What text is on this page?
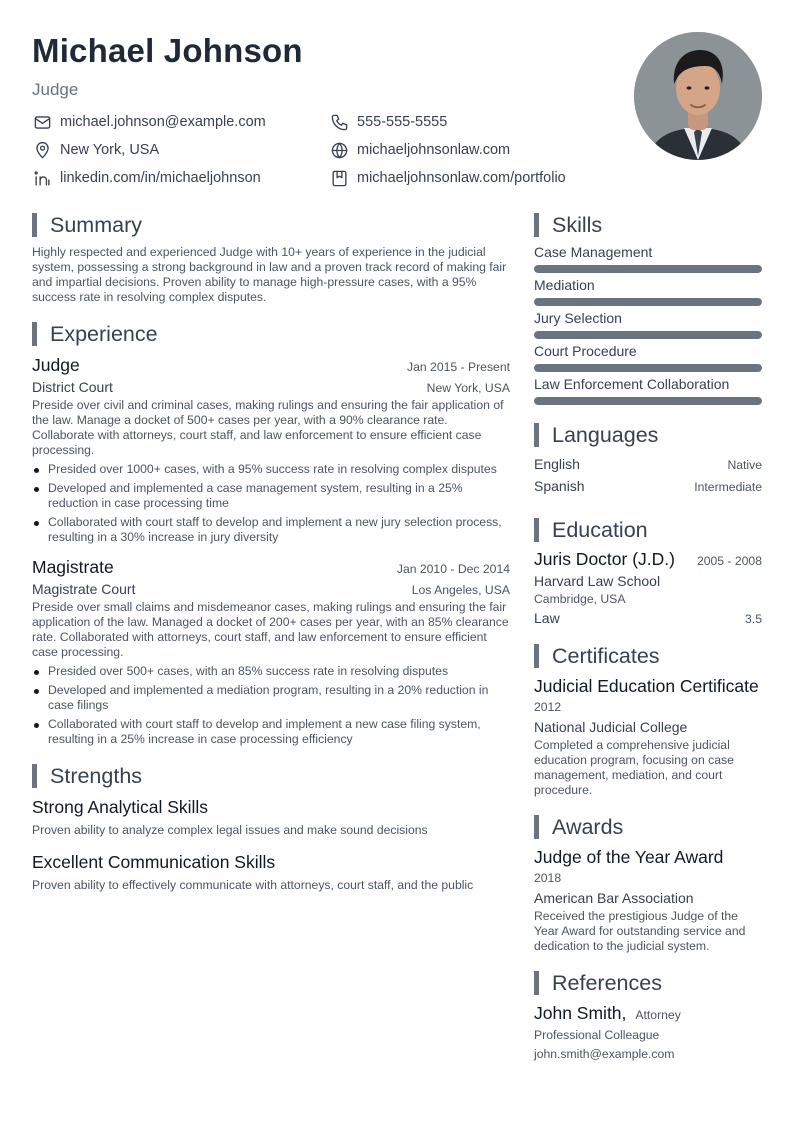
Michael Johnson
Judge
michael.johnson@example.com	555-555-5555
New York, USA	michaeljohnsonlaw.com
linkedin.com/in/michaeljohnson	michaeljohnsonlaw.com/portfolio
Summary
Highly respected and experienced Judge with 10+ years of experience in the judicial system, possessing a strong background in law and a proven track record of making fair and impartial decisions. Proven ability to manage high-pressure cases, with a 95% success rate in resolving complex disputes.
Experience
Judge	Jan 2015 - Present
District Court	New York, USA
Preside over civil and criminal cases, making rulings and ensuring the fair application of the law. Manage a docket of 500+ cases per year, with a 90% clearance rate. Collaborate with attorneys, court staff, and law enforcement to ensure efficient case processing.
Presided over 1000+ cases, with a 95% success rate in resolving complex disputes
Developed and implemented a case management system, resulting in a 25% reduction in case processing time
Collaborated with court staff to develop and implement a new jury selection process, resulting in a 30% increase in jury diversity
Magistrate	Jan 2010 - Dec 2014
Magistrate Court	Los Angeles, USA
Preside over small claims and misdemeanor cases, making rulings and ensuring the fair application of the law. Managed a docket of 200+ cases per year, with an 85% clearance rate. Collaborated with attorneys, court staff, and law enforcement to ensure efficient case processing.
Presided over 500+ cases, with an 85% success rate in resolving disputes
Developed and implemented a mediation program, resulting in a 20% reduction in case filings
Collaborated with court staff to develop and implement a new case filing system, resulting in a 25% increase in case processing efficiency
Strengths
Strong Analytical Skills
Proven ability to analyze complex legal issues and make sound decisions
Excellent Communication Skills
Proven ability to effectively communicate with attorneys, court staff, and the public
Skills
Case Management
Mediation
Jury Selection
Court Procedure
Law Enforcement Collaboration
Languages
English	Native
Spanish	Intermediate
Education
Juris Doctor (J.D.) 2005 - 2008
Harvard Law School
Cambridge, USA
Law	3.5
Certificates
Judicial Education Certificate
2012
National Judicial College
Completed a comprehensive judicial education program, focusing on case management, mediation, and court procedure.
Awards
Judge of the Year Award
2018
American Bar Association
Received the prestigious Judge of the Year Award for outstanding service and dedication to the judicial system.
References
John Smith, Attorney
Professional Colleague
john.smith@example.com
